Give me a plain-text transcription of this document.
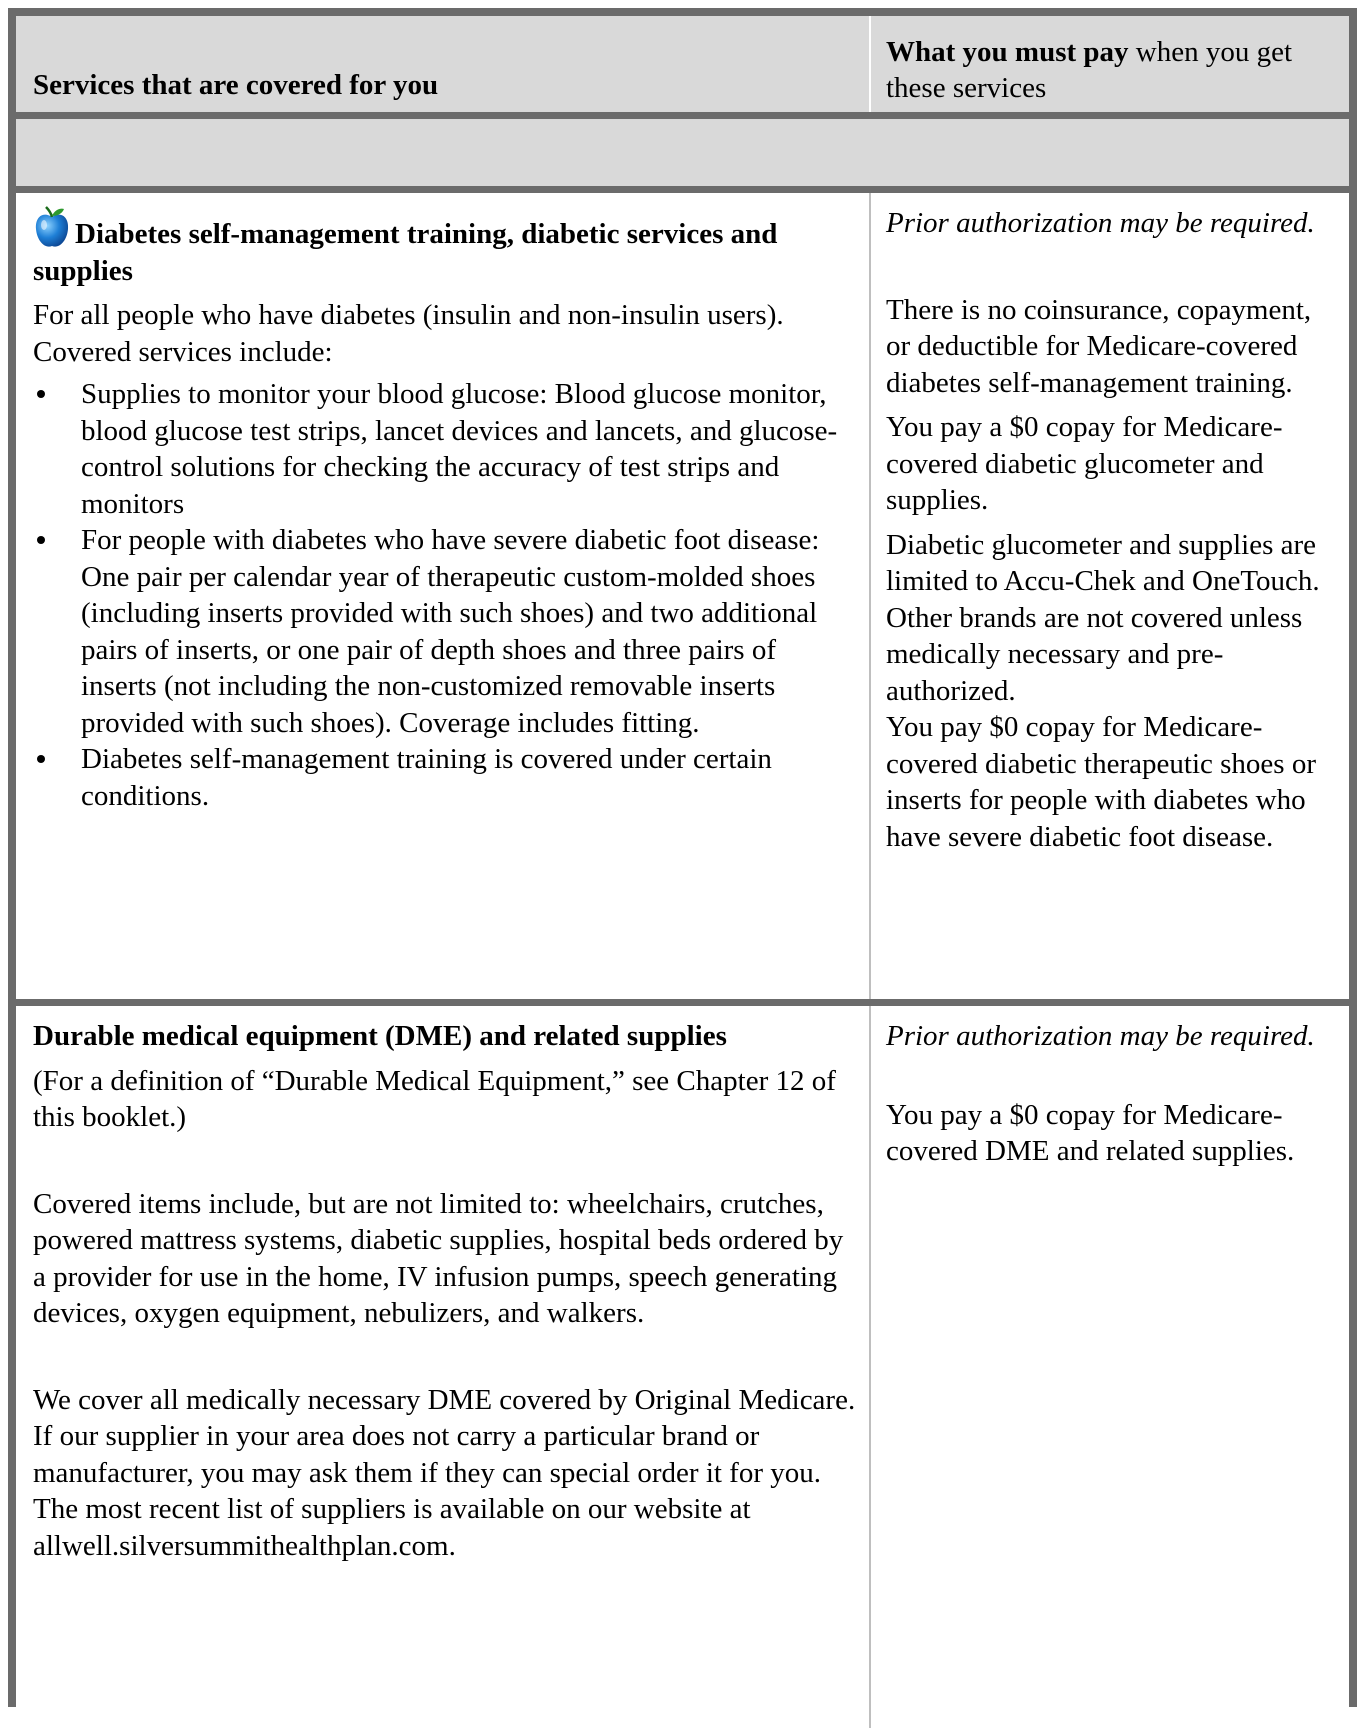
Services that are covered for you
What you must pay when you get these services

Diabetes self-management training, diabetic services and supplies

For all people who have diabetes (insulin and non-insulin users). Covered services include:

Supplies to monitor your blood glucose: Blood glucose monitor, blood glucose test strips, lancet devices and lancets, and glucose-control solutions for checking the accuracy of test strips and monitors
For people with diabetes who have severe diabetic foot disease: One pair per calendar year of therapeutic custom-molded shoes (including inserts provided with such shoes) and two additional pairs of inserts, or one pair of depth shoes and three pairs of inserts (not including the non-customized removable inserts provided with such shoes). Coverage includes fitting.
Diabetes self-management training is covered under certain conditions.

Prior authorization may be required.

There is no coinsurance, copayment, or deductible for Medicare-covered diabetes self-management training.

You pay a $0 copay for Medicare-covered diabetic glucometer and supplies.

Diabetic glucometer and supplies are limited to Accu-Chek and OneTouch. Other brands are not covered unless medically necessary and pre-authorized.

You pay $0 copay for Medicare-covered diabetic therapeutic shoes or inserts for people with diabetes who have severe diabetic foot disease.

Durable medical equipment (DME) and related supplies

(For a definition of “Durable Medical Equipment,” see Chapter 12 of this booklet.)

Covered items include, but are not limited to: wheelchairs, crutches, powered mattress systems, diabetic supplies, hospital beds ordered by a provider for use in the home, IV infusion pumps, speech generating devices, oxygen equipment, nebulizers, and walkers.

We cover all medically necessary DME covered by Original Medicare. If our supplier in your area does not carry a particular brand or manufacturer, you may ask them if they can special order it for you. The most recent list of suppliers is available on our website at allwell.silversummithealthplan.com.

Prior authorization may be required.

You pay a $0 copay for Medicare-covered DME and related supplies.
